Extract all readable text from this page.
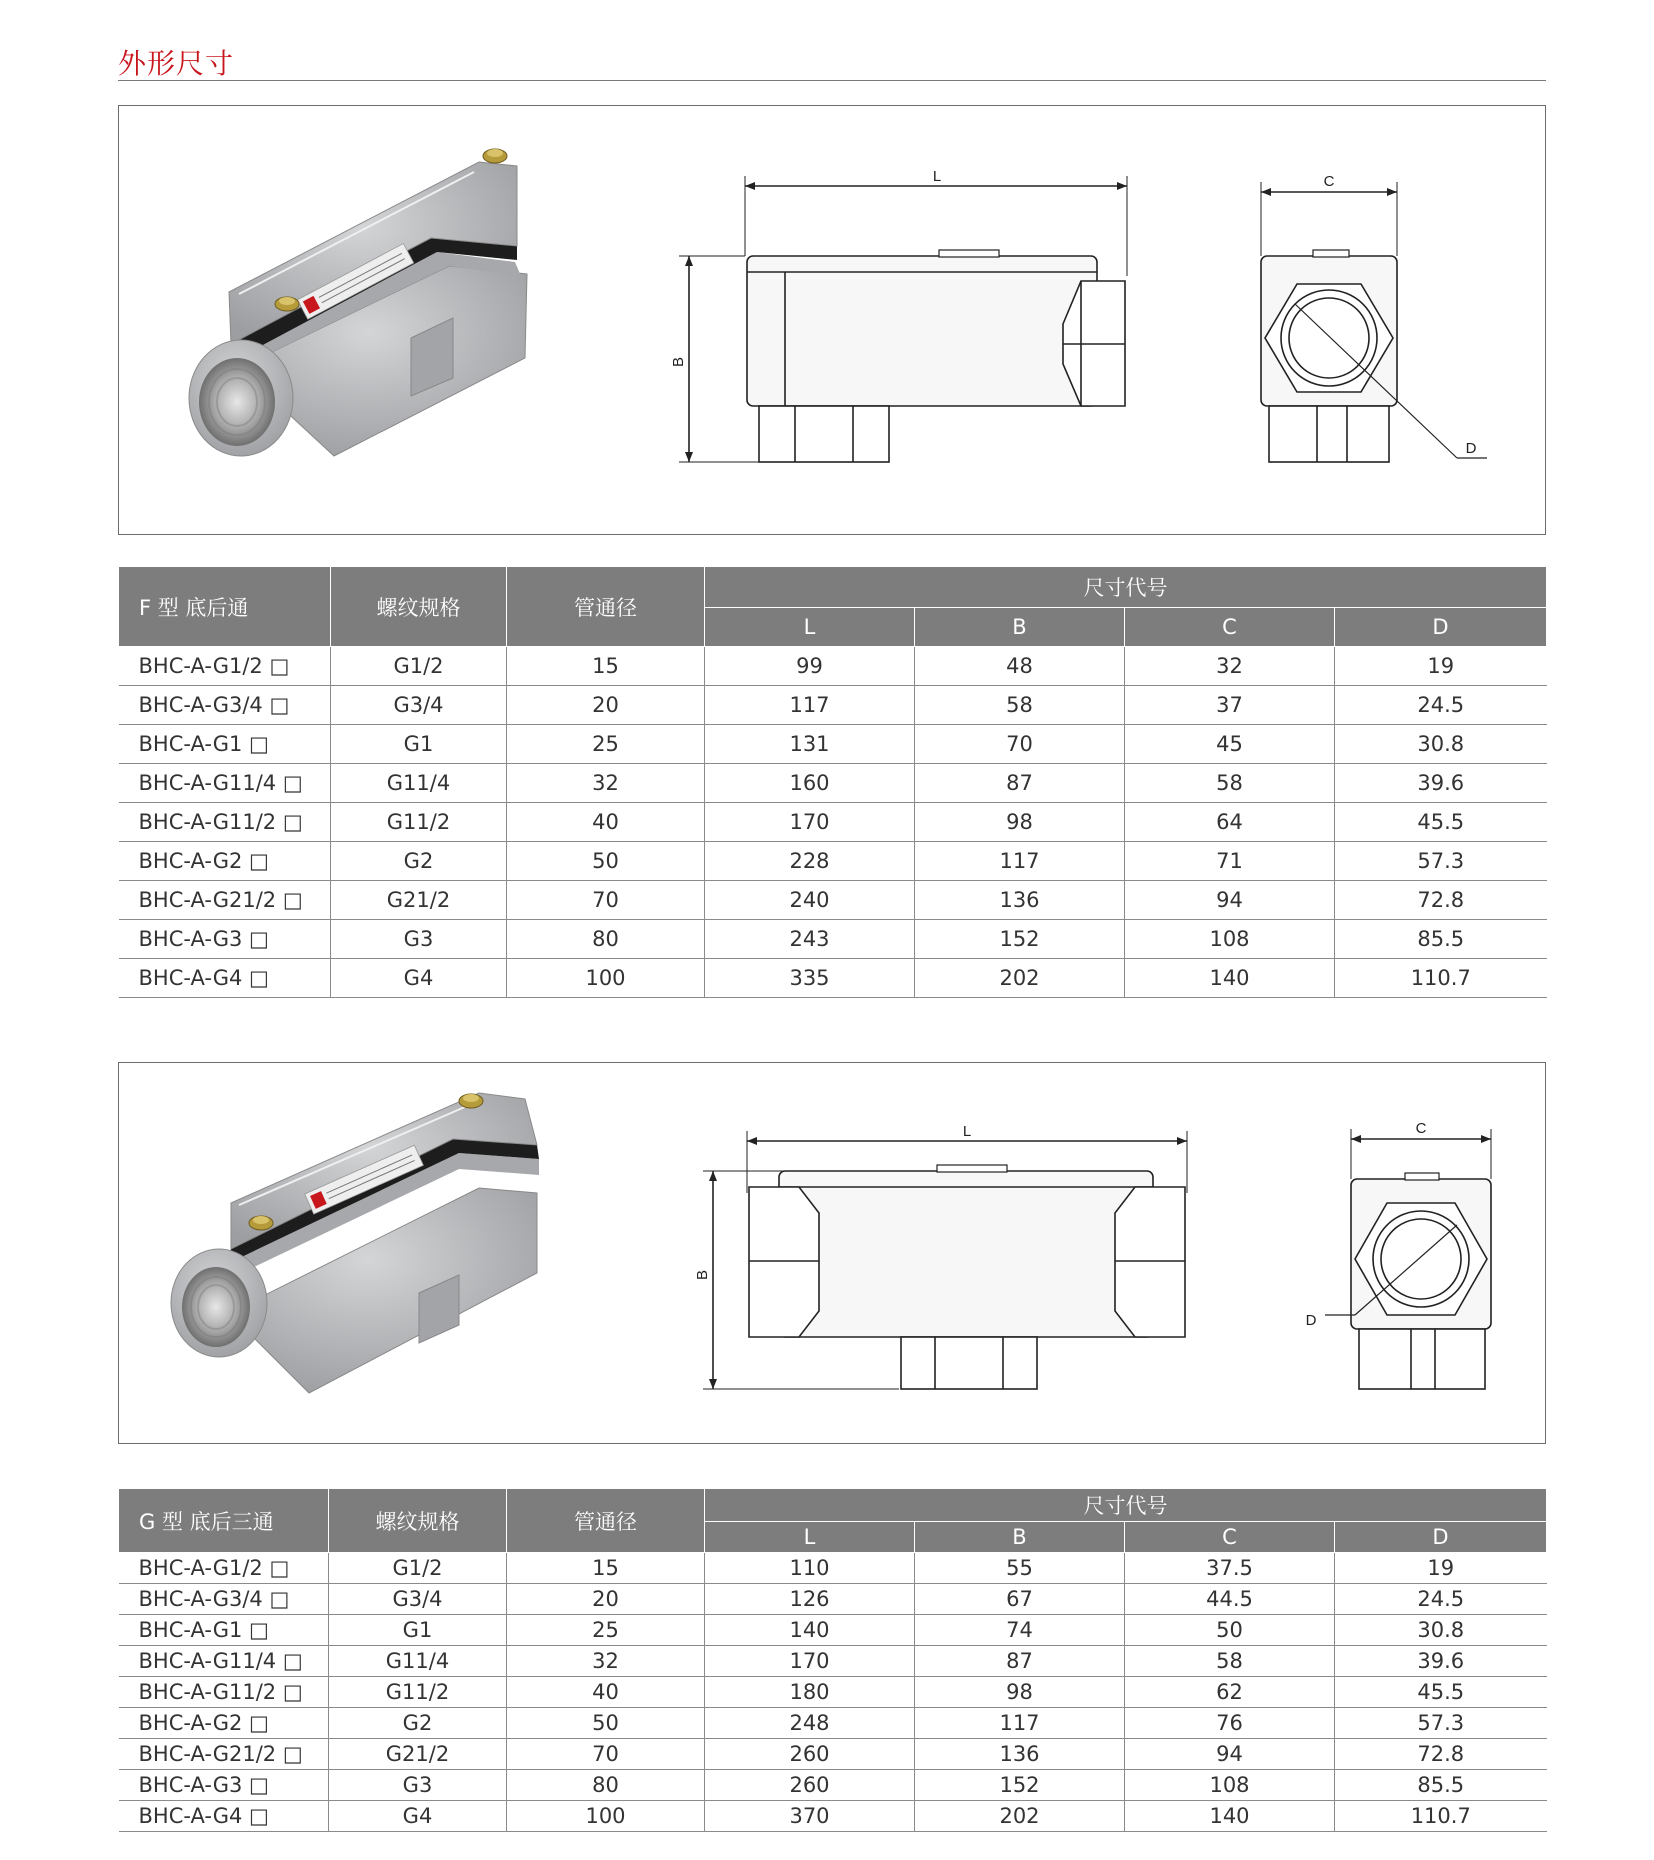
外形尺寸
L
B
C
D
F 型 底后通	螺纹规格	管通径	尺寸代号			
			L	B	C	D
BHC-A-G1/2 □	G1/2	15	99	48	32	19
BHC-A-G3/4 □	G3/4	20	117	58	37	24.5
BHC-A-G1 □	G1	25	131	70	45	30.8
BHC-A-G11/4 □	G11/4	32	160	87	58	39.6
BHC-A-G11/2 □	G11/2	40	170	98	64	45.5
BHC-A-G2 □	G2	50	228	117	71	57.3
BHC-A-G21/2 □	G21/2	70	240	136	94	72.8
BHC-A-G3 □	G3	80	243	152	108	85.5
BHC-A-G4 □	G4	100	335	202	140	110.7
L
B
C
D
G 型 底后三通	螺纹规格	管通径	尺寸代号			
			L	B	C	D
BHC-A-G1/2 □	G1/2	15	110	55	37.5	19
BHC-A-G3/4 □	G3/4	20	126	67	44.5	24.5
BHC-A-G1 □	G1	25	140	74	50	30.8
BHC-A-G11/4 □	G11/4	32	170	87	58	39.6
BHC-A-G11/2 □	G11/2	40	180	98	62	45.5
BHC-A-G2 □	G2	50	248	117	76	57.3
BHC-A-G21/2 □	G21/2	70	260	136	94	72.8
BHC-A-G3 □	G3	80	260	152	108	85.5
BHC-A-G4 □	G4	100	370	202	140	110.7
